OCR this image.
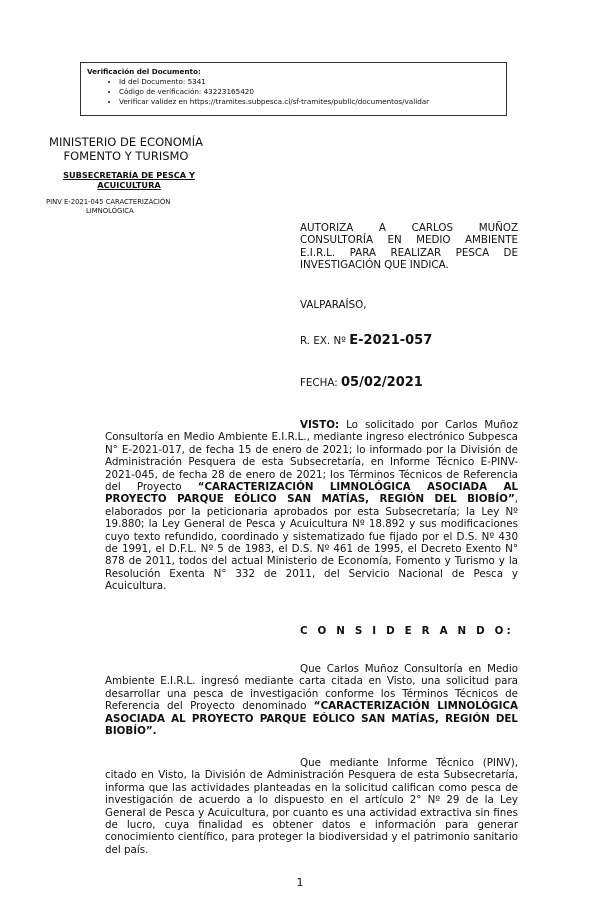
Verificación del Documento:
• Id del Documento: 5341
• Código de verificación: 43223165420
• Verificar validez en https://tramites.subpesca.cl/sf-tramites/public/documentos/validar
MINISTERIO DE ECONOMÍA
FOMENTO Y TURISMO
SUBSECRETARÍA DE PESCA Y
ACUICULTURA
PINV E-2021-045 CARACTERIZACIÓN
LIMNOLÓGICA
AUTORIZA A CARLOS MUÑOZ CONSULTORÍA EN MEDIO AMBIENTE E.I.R.L. PARA REALIZAR PESCA DE INVESTIGACIÓN QUE INDICA.
VALPARAÍSO,
R. EX. Nº E-2021-057
FECHA: 05/02/2021
VISTO: Lo solicitado por Carlos Muñoz Consultoría en Medio Ambiente E.I.R.L., mediante ingreso electrónico Subpesca N° E-2021-017, de fecha 15 de enero de 2021; lo informado por la División de Administración Pesquera de esta Subsecretaría, en Informe Técnico E-PINV-2021-045, de fecha 28 de enero de 2021; los Términos Técnicos de Referencia del Proyecto “CARACTERIZACIÓN LIMNOLÓGICA ASOCIADA AL PROYECTO PARQUE EÓLICO SAN MATÍAS, REGIÓN DEL BIOBÍO”, elaborados por la peticionaria aprobados por esta Subsecretaría; la Ley Nº 19.880; la Ley General de Pesca y Acuicultura Nº 18.892 y sus modificaciones cuyo texto refundido, coordinado y sistematizado fue fijado por el D.S. Nº 430 de 1991, el D.F.L. Nº 5 de 1983, el D.S. Nº 461 de 1995, el Decreto Exento N° 878 de 2011, todos del actual Ministerio de Economía, Fomento y Turismo y la Resolución Exenta N° 332 de 2011, del Servicio Nacional de Pesca y Acuicultura.
C O N S I D E R A N D O:
Que Carlos Muñoz Consultoría en Medio Ambiente E.I.R.L. ingresó mediante carta citada en Visto, una solicitud para desarrollar una pesca de investigación conforme los Términos Técnicos de Referencia del Proyecto denominado “CARACTERIZACIÓN LIMNOLÓGICA ASOCIADA AL PROYECTO PARQUE EÓLICO SAN MATÍAS, REGIÓN DEL BIOBÍO”.
Que mediante Informe Técnico (PINV), citado en Visto, la División de Administración Pesquera de esta Subsecretaría, informa que las actividades planteadas en la solicitud califican como pesca de investigación de acuerdo a lo dispuesto en el artículo 2° Nº 29 de la Ley General de Pesca y Acuicultura, por cuanto es una actividad extractiva sin fines de lucro, cuya finalidad es obtener datos e información para generar conocimiento científico, para proteger la biodiversidad y el patrimonio sanitario del país.
1
